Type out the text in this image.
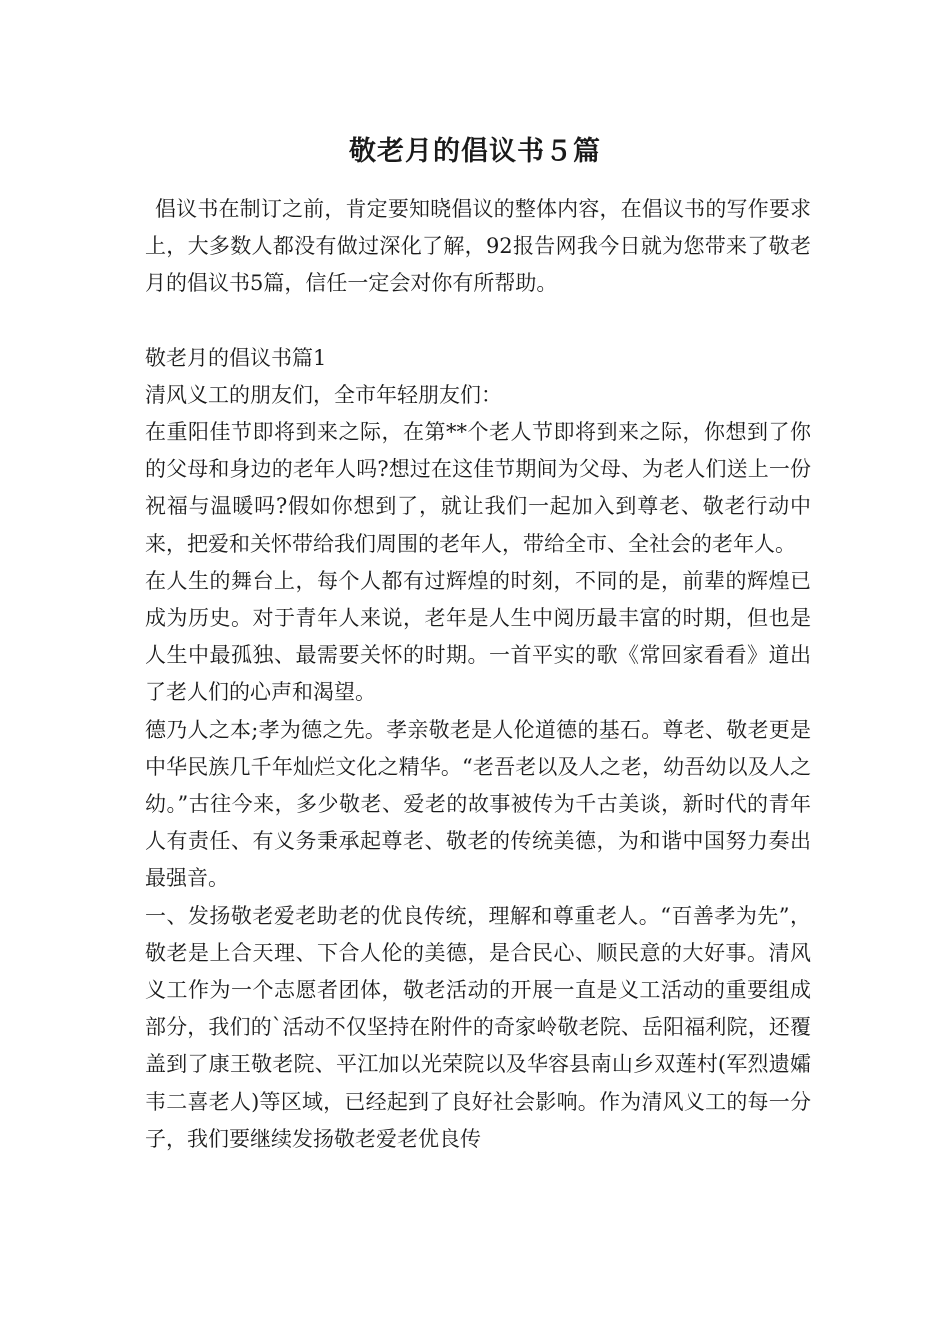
敬老月的倡议书５篇

倡议书在制订之前，肯定要知晓倡议的整体内容，在倡议书的写作要求上，大多数人都没有做过深化了解，92报告网我今日就为您带来了敬老月的倡议书5篇，信任一定会对你有所帮助。

敬老月的倡议书篇1

清风义工的朋友们，全市年轻朋友们：

在重阳佳节即将到来之际，在第**个老人节即将到来之际，你想到了你的父母和身边的老年人吗?想过在这佳节期间为父母、为老人们送上一份祝福与温暖吗?假如你想到了，就让我们一起加入到尊老、敬老行动中来，把爱和关怀带给我们周围的老年人，带给全市、全社会的老年人。

在人生的舞台上，每个人都有过辉煌的时刻，不同的是，前辈的辉煌已成为历史。对于青年人来说，老年是人生中阅历最丰富的时期，但也是人生中最孤独、最需要关怀的时期。一首平实的歌《常回家看看》道出了老人们的心声和渴望。

德乃人之本;孝为德之先。孝亲敬老是人伦道德的基石。尊老、敬老更是中华民族几千年灿烂文化之精华。“老吾老以及人之老，幼吾幼以及人之幼。”古往今来，多少敬老、爱老的故事被传为千古美谈，新时代的青年人有责任、有义务秉承起尊老、敬老的传统美德，为和谐中国努力奏出最强音。

一、发扬敬老爱老助老的优良传统，理解和尊重老人。“百善孝为先”，敬老是上合天理、下合人伦的美德，是合民心、顺民意的大好事。清风义工作为一个志愿者团体，敬老活动的开展一直是义工活动的重要组成部分，我们的`活动不仅坚持在附件的奇家岭敬老院、岳阳福利院，还覆盖到了康王敬老院、平江加以光荣院以及华容县南山乡双莲村(军烈遗孀韦二喜老人)等区域，已经起到了良好社会影响。作为清风义工的每一分子，我们要继续发扬敬老爱老优良传
